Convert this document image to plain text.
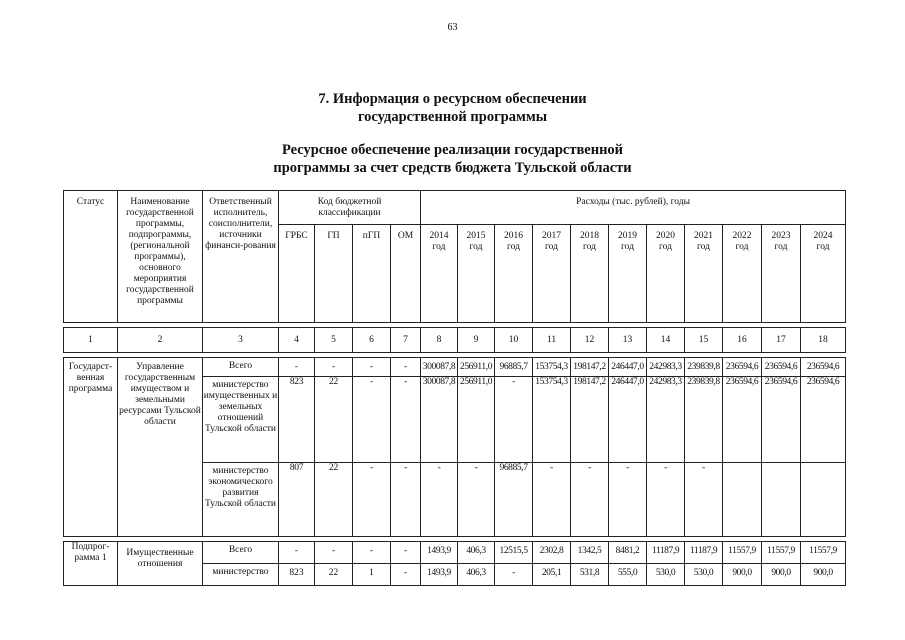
63
7. Информация о ресурсном обеспечении
государственной программы
Ресурсное обеспечение реализации государственной
программы за счет средств бюджета Тульской области
Статус	Наименование государственной программы, подпрограммы, (региональной программы), основного мероприятия государственной программы	Ответственный исполнитель, соисполнители, источники финанси-рования	Код бюджетной классификации				Расходы (тыс. рублей), годы										
			ГРБС	ГП	пГП	ОМ	2014 год	2015 год	2016 год	2017 год	2018 год	2019 год	2020 год	2021 год	2022 год	2023 год	2024 год

1	2	3	4	5	6	7	8	9	10	11	12	13	14	15	16	17	18

Государст-венная программа	Управление государственным имуществом и земельными ресурсами Тульской области	Всего	-	-	-	-	300087,8	256911,0	96885,7	153754,3	198147,2	246447,0	242983,3	239839,8	236594,6	236594,6	236594,6
		министерство имущественных и земельных отношений Тульской области	823	22	-	-	300087,8	256911,0	-	153754,3	198147,2	246447,0	242983,3	239839,8	236594,6	236594,6	236594,6
		министерство экономического развития Тульской области	807	22	-	-	-	-	96885,7	-	-	-	-	-			

Подпрог-рамма 1	Имущественные отношения	Всего	-	-	-	-	1493,9	406,3	12515,5	2302,8	1342,5	8481,2	11187,9	11187,9	11557,9	11557,9	11557,9
		министерство	823	22	1	-	1493,9	406,3	-	205,1	531,8	555,0	530,0	530,0	900,0	900,0	900,0
